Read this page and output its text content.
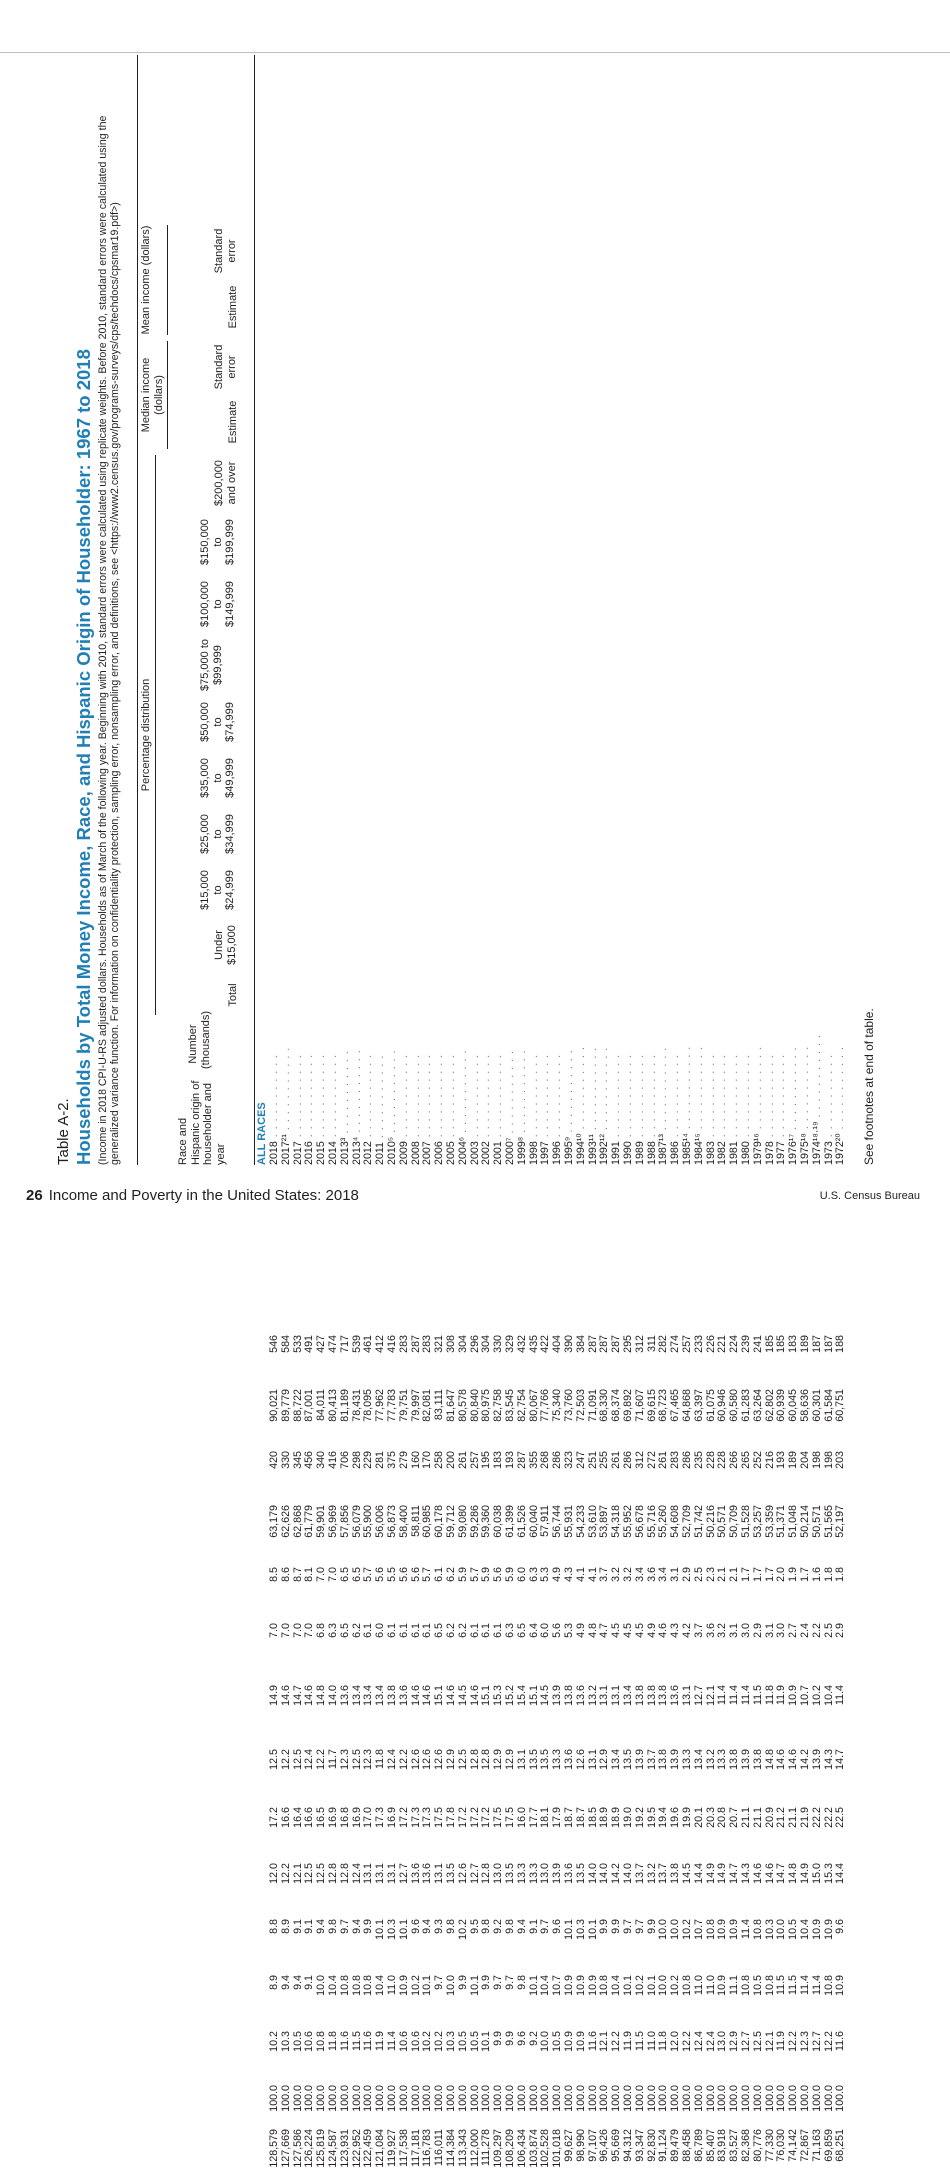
Table A-2. Households by Total Money Income, Race, and Hispanic Origin of Householder: 1967 to 2018 (Income in 2018 CPI-U-RS adjusted dollars. Households as of March of the following year. Beginning with 2010, standard errors were calculated using replicate weights. Before 2010, standard errors were calculated using the generalized variance function. For information on confidentiality protection, sampling error, nonsampling error, and definitions, see <https://www2.census.gov/programs-surveys/cps/techdocs/cpsmar19.pdf>)	Race and Hispanic origin of householder and year
Number (thousands)
Percentage distribution
Median income (dollars)
Mean income (dollars)
Total
Under $15,000
$15,000 to $24,999
$25,000 to $34,999
$35,000 to $49,999
$50,000 to $74,999
$75,000 to $99,999
$100,000 to $149,999
$150,000 to $199,999
$200,000 and over
Estimate
Standard error
Estimate
Standard error
ALL RACES 2018 . . . . . . . . . . .
128,579
100.0
10.2
8.9
8.8
12.0
17.2
12.5
14.9
7.0
8.5
63,179
420
90,021
546
2017²¹ . . . . . . . . . . .
127,669
100.0
10.3
9.4
8.9
12.2
16.6
12.2
14.6
7.0
8.6
62,626
330
89,779
584
2017 . . . . . . . . . . .
127,586
100.0
10.5
9.4
9.1
12.1
16.4
12.5
14.7
7.0
8.7
62,868
345
88,722
533
2016 . . . . . . . . . . .
126,224
100.0
10.6
9.1
9.1
12.5
16.6
12.4
14.6
7.0
8.1
61,779
456
87,001
491
2015 . . . . . . . . . . .
125,819
100.0
10.8
10.0
9.4
12.5
16.5
12.2
14.8
6.8
7.0
59,901
340
84,011
427
2014 . . . . . . . . . . .
124,587
100.0
11.8
10.4
9.8
12.8
16.9
11.7
14.0
6.3
7.0
56,969
416
80,413
474
2013³ . . . . . . . . . . .
123,931
100.0
11.6
10.8
9.7
12.8
16.8
12.3
13.6
6.5
6.5
57,856
706
81,189
717
2013⁴ . . . . . . . . . . .
122,952
100.0
11.5
10.8
9.4
12.4
16.9
12.5
13.4
6.2
6.5
56,079
298
78,431
539
2012 . . . . . . . . . . .
122,459
100.0
11.6
10.8
9.9
13.1
17.0
12.3
13.4
6.1
5.7
55,900
229
78,095
461
2011 . . . . . . . . . . .
121,084
100.0
11.9
10.4
10.1
13.1
17.3
11.8
13.4
6.0
5.6
56,006
281
77,962
412
2010⁵ . . . . . . . . . . .
119,927
100.0
11.4
11.0
10.3
13.1
16.9
12.4
13.8
6.1
5.5
56,873
375
77,783
416
2009 . . . . . . . . . . .
117,538
100.0
10.6
10.9
10.1
12.7
17.2
12.2
13.6
6.1
5.6
58,400
279
79,751
283
2008 . . . . . . . . . . .
117,181
100.0
10.6
10.2
9.6
13.6
17.3
12.6
14.6
6.1
5.6
58,811
160
79,997
287
2007 . . . . . . . . . . .
116,783
100.0
10.2
10.1
9.4
13.6
17.3
12.6
14.6
6.1
5.7
60,985
170
82,081
283
2006 . . . . . . . . . . .
116,011
100.0
10.2
9.7
9.3
13.1
17.5
12.6
15.1
6.5
6.1
60,178
258
83,111
321
2005 . . . . . . . . . . .
114,384
100.0
10.3
10.0
9.8
13.5
17.8
12.9
14.6
6.2
6.2
59,712
200
81,647
308
2004⁶ . . . . . . . . . . .
113,343
100.0
10.5
9.9
10.2
12.6
17.2
12.5
14.5
6.2
5.9
59,080
261
80,578
304
2003 . . . . . . . . . . .
112,000
100.0
10.5
10.1
9.5
12.7
17.2
12.8
14.6
6.1
5.7
59,286
257
80,840
296
2002 . . . . . . . . . . .
111,278
100.0
10.1
9.9
9.8
12.8
17.2
12.8
15.1
6.1
5.9
59,360
195
80,975
304
2001 . . . . . . . . . . .
109,297
100.0
9.9
9.7
9.2
13.0
17.5
12.9
15.3
6.1
5.6
60,038
183
82,758
330
2000⁷ . . . . . . . . . . .
108,209
100.0
9.9
9.7
9.8
13.5
17.5
12.9
15.2
6.3
5.9
61,399
193
83,545
329
1999⁸ . . . . . . . . . . .
106,434
100.0
9.6
9.8
9.4
13.3
16.0
13.1
15.4
6.5
6.0
61,526
287
82,754
432
1998 . . . . . . . . . . .
103,874
100.0
9.2
10.1
9.1
13.3
17.7
13.5
15.1
6.4
6.3
60,040
355
80,067
435
1997 . . . . . . . . . . .
102,528
100.0
10.0
10.4
9.7
13.0
18.1
13.5
14.5
6.0
5.3
57,911
268
77,766
422
1996 . . . . . . . . . . .
101,018
100.0
10.5
10.7
9.6
13.9
17.9
13.3
13.9
5.6
4.9
56,744
286
75,340
404
1995⁹ . . . . . . . . . . .
99,627
100.0
10.9
10.9
10.1
13.6
18.7
13.6
13.8
5.3
4.3
55,931
323
73,760
390
1994¹⁰ . . . . . . . . . . .
98,990
100.0
10.9
10.9
10.3
13.5
18.7
12.6
13.6
4.9
4.1
54,233
247
72,503
384
1993¹¹ . . . . . . . . . . .
97,107
100.0
11.6
10.9
10.1
14.0
18.5
13.1
13.2
4.8
4.1
53,610
251
71,091
287
1992¹² . . . . . . . . . . .
96,426
100.0
12.1
10.8
9.9
14.0
18.9
12.9
13.1
4.7
3.7
53,897
255
68,330
287
1991 . . . . . . . . . . .
95,669
100.0
12.2
10.4
9.9
14.2
18.9
13.4
13.1
4.5
3.2
54,318
261
68,374
287
1990 . . . . . . . . . . .
94,312
100.0
11.9
10.1
9.7
14.0
19.0
13.5
13.4
4.5
3.2
55,952
286
69,892
295
1989 . . . . . . . . . . .
93,347
100.0
11.5
10.2
9.7
13.7
19.2
13.9
13.8
4.5
3.4
56,678
312
71,607
312
1988 . . . . . . . . . . .
92,830
100.0
11.0
10.1
9.9
13.2
19.5
13.7
13.8
4.9
3.6
55,716
272
69,615
311
1987¹³ . . . . . . . . . . .
91,124
100.0
11.8
10.0
10.0
13.7
19.4
13.8
13.8
4.6
3.4
55,260
261
68,723
282
1986 . . . . . . . . . . .
89,479
100.0
12.0
10.2
10.0
13.8
19.6
13.9
13.6
4.3
3.1
54,608
283
67,465
274
1985¹⁴ . . . . . . . . . . .
88,458
100.0
12.2
10.8
10.2
14.5
19.9
13.3
13.1
4.2
2.9
52,709
286
64,868
257
1984¹⁵ . . . . . . . . . . .
86,789
100.0
12.4
11.0
10.7
14.4
20.1
13.4
12.7
3.7
2.5
51,742
235
63,397
233
1983 . . . . . . . . . . .
85,407
100.0
12.4
11.0
10.8
14.9
20.3
13.2
12.1
3.6
2.3
50,216
228
61,075
226
1982 . . . . . . . . . . .
83,918
100.0
13.0
10.9
10.9
14.9
20.8
13.3
11.4
3.2
2.1
50,571
228
60,946
221
1981 . . . . . . . . . . .
83,527
100.0
12.9
11.1
10.9
14.7
20.7
13.8
11.4
3.1
2.1
50,709
266
60,580
224
1980 . . . . . . . . . . .
82,368
100.0
12.7
10.8
11.4
14.3
21.1
13.9
11.4
3.0
1.7
51,528
265
61,283
239
1979¹⁶ . . . . . . . . . . .
80,776
100.0
12.5
10.5
10.8
14.6
21.1
13.8
11.5
2.9
1.7
53,257
252
63,264
241
1978 . . . . . . . . . . .
77,330
100.0
12.1
10.8
10.3
14.6
20.9
14.8
11.8
3.1
1.7
53,359
216
62,802
185
1977 . . . . . . . . . . .
76,030
100.0
11.9
11.5
10.0
14.7
21.2
14.6
11.9
3.0
2.0
51,371
193
60,939
185
1976¹⁷ . . . . . . . . . . .
74,142
100.0
12.2
11.5
10.5
14.8
21.1
14.6
10.9
2.7
1.9
51,048
189
60,045
183
1975¹⁸ . . . . . . . . . . .
72,867
100.0
12.3
11.4
10.4
14.9
21.9
14.2
10.7
2.4
1.7
50,214
204
58,636
189
1974¹⁸·¹⁹ . . . . . . . . . . .
71,163
100.0
12.7
11.4
10.9
15.0
22.2
13.9
10.2
2.2
1.6
50,571
198
60,301
187
1973 . . . . . . . . . . .
69,859
100.0
12.2
10.8
10.9
15.3
22.2
14.3
10.4
2.5
1.8
51,565
198
61,584
187
1972²⁰ . . . . . . . . . . .
68,251
100.0
11.6
10.9
9.6
14.4
22.5
14.7
11.4
2.9
1.8
52,197
203
60,751
188
See footnotes at end of table.
26 Income and Poverty in the United States: 2018	U.S. Census Bureau
